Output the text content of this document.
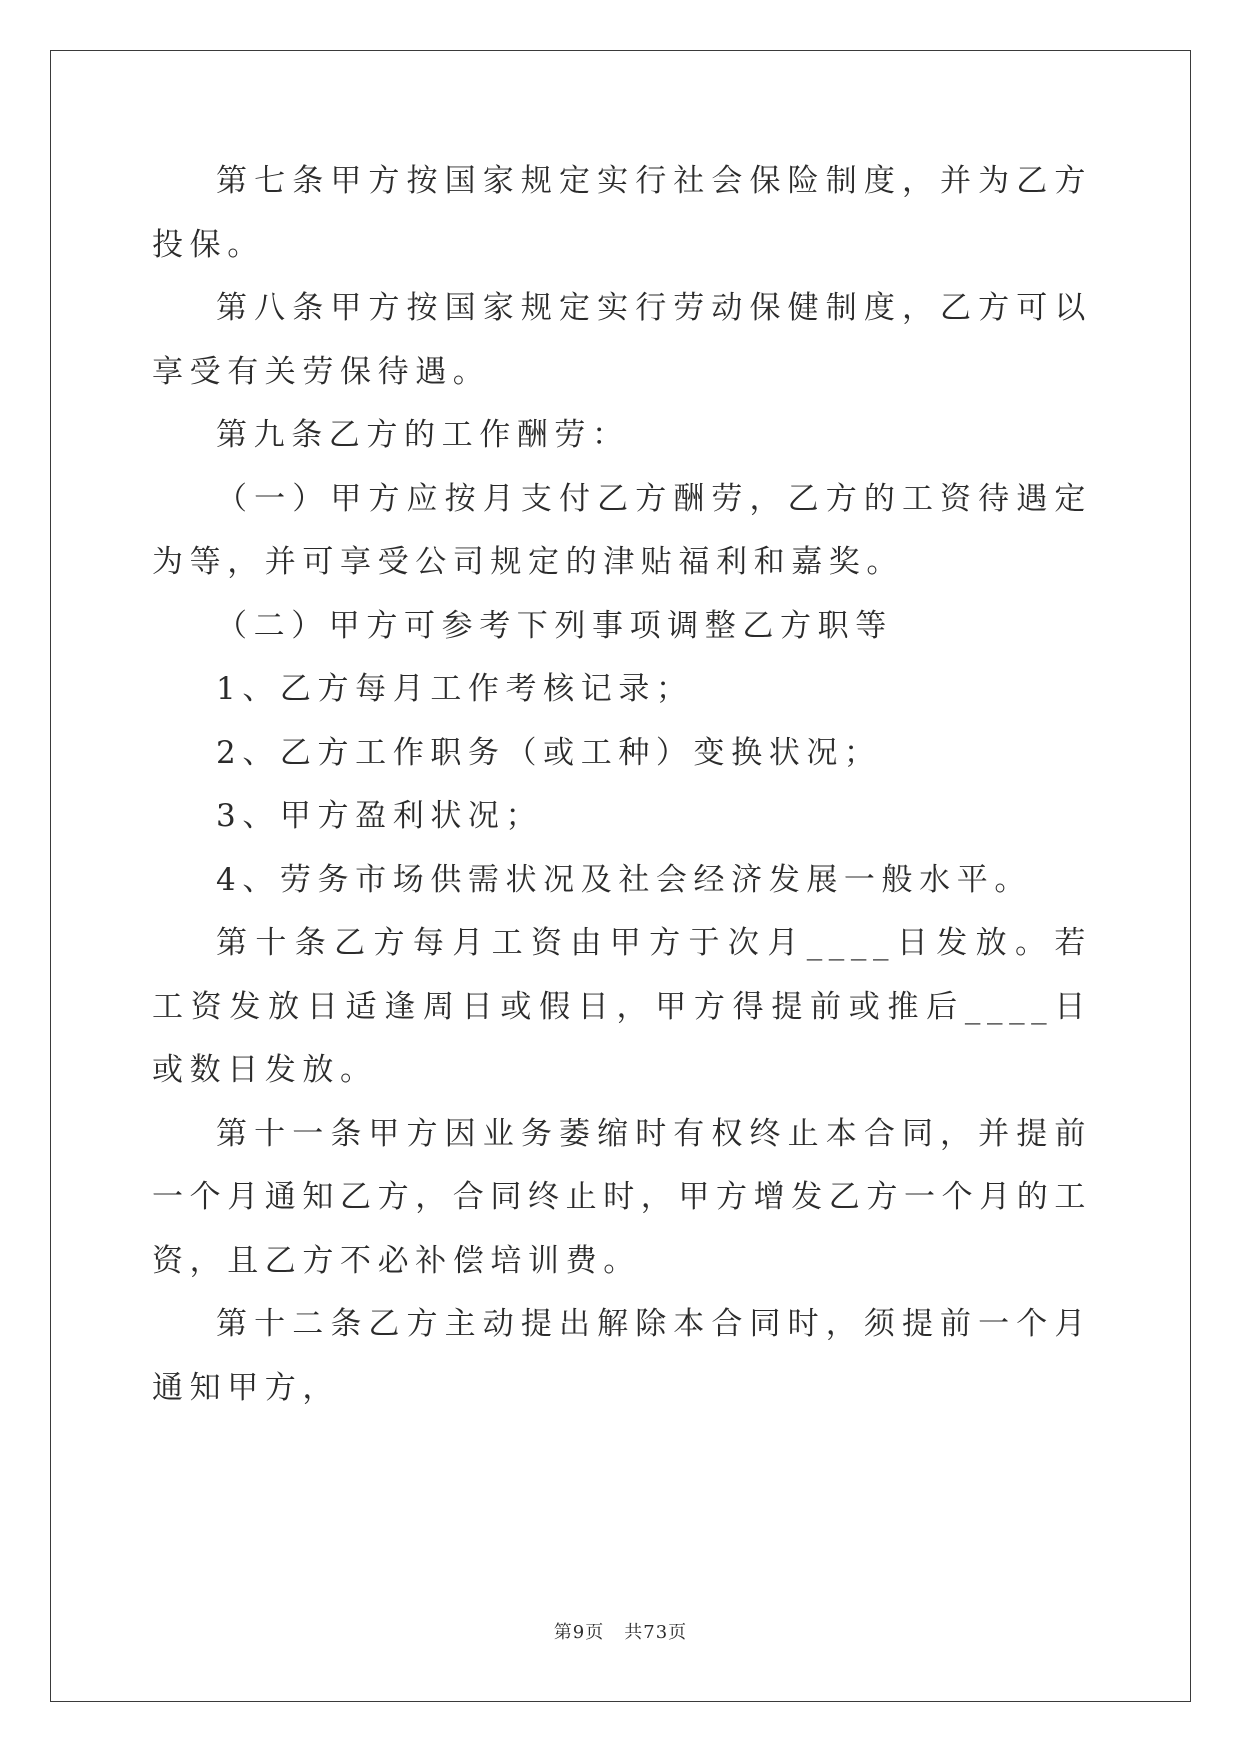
第七条甲方按国家规定实行社会保险制度，并为乙方投保。

第八条甲方按国家规定实行劳动保健制度，乙方可以享受有关劳保待遇。

第九条乙方的工作酬劳：

（一）甲方应按月支付乙方酬劳，乙方的工资待遇定为等，并可享受公司规定的津贴福利和嘉奖。

（二）甲方可参考下列事项调整乙方职等

1、乙方每月工作考核记录；

2、乙方工作职务（或工种）变换状况；

3、甲方盈利状况；

4、劳务市场供需状况及社会经济发展一般水平。

第十条乙方每月工资由甲方于次月____日发放。若工资发放日适逢周日或假日，甲方得提前或推后____日或数日发放。

第十一条甲方因业务萎缩时有权终止本合同，并提前一个月通知乙方，合同终止时，甲方增发乙方一个月的工资，且乙方不必补偿培训费。

第十二条乙方主动提出解除本合同时，须提前一个月通知甲方，

第9页 共73页
